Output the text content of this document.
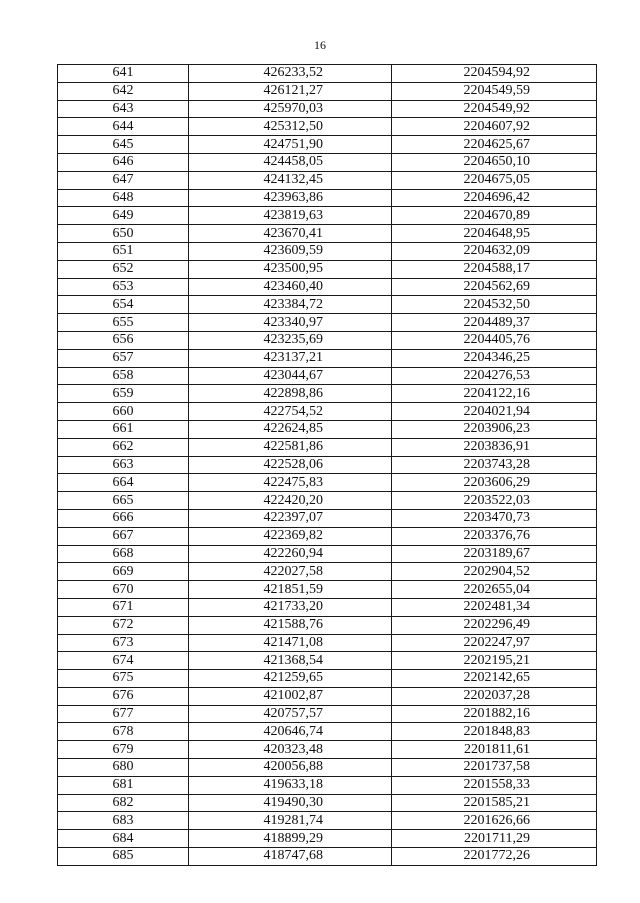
16
641	426233,52	2204594,92
642	426121,27	2204549,59
643	425970,03	2204549,92
644	425312,50	2204607,92
645	424751,90	2204625,67
646	424458,05	2204650,10
647	424132,45	2204675,05
648	423963,86	2204696,42
649	423819,63	2204670,89
650	423670,41	2204648,95
651	423609,59	2204632,09
652	423500,95	2204588,17
653	423460,40	2204562,69
654	423384,72	2204532,50
655	423340,97	2204489,37
656	423235,69	2204405,76
657	423137,21	2204346,25
658	423044,67	2204276,53
659	422898,86	2204122,16
660	422754,52	2204021,94
661	422624,85	2203906,23
662	422581,86	2203836,91
663	422528,06	2203743,28
664	422475,83	2203606,29
665	422420,20	2203522,03
666	422397,07	2203470,73
667	422369,82	2203376,76
668	422260,94	2203189,67
669	422027,58	2202904,52
670	421851,59	2202655,04
671	421733,20	2202481,34
672	421588,76	2202296,49
673	421471,08	2202247,97
674	421368,54	2202195,21
675	421259,65	2202142,65
676	421002,87	2202037,28
677	420757,57	2201882,16
678	420646,74	2201848,83
679	420323,48	2201811,61
680	420056,88	2201737,58
681	419633,18	2201558,33
682	419490,30	2201585,21
683	419281,74	2201626,66
684	418899,29	2201711,29
685	418747,68	2201772,26
